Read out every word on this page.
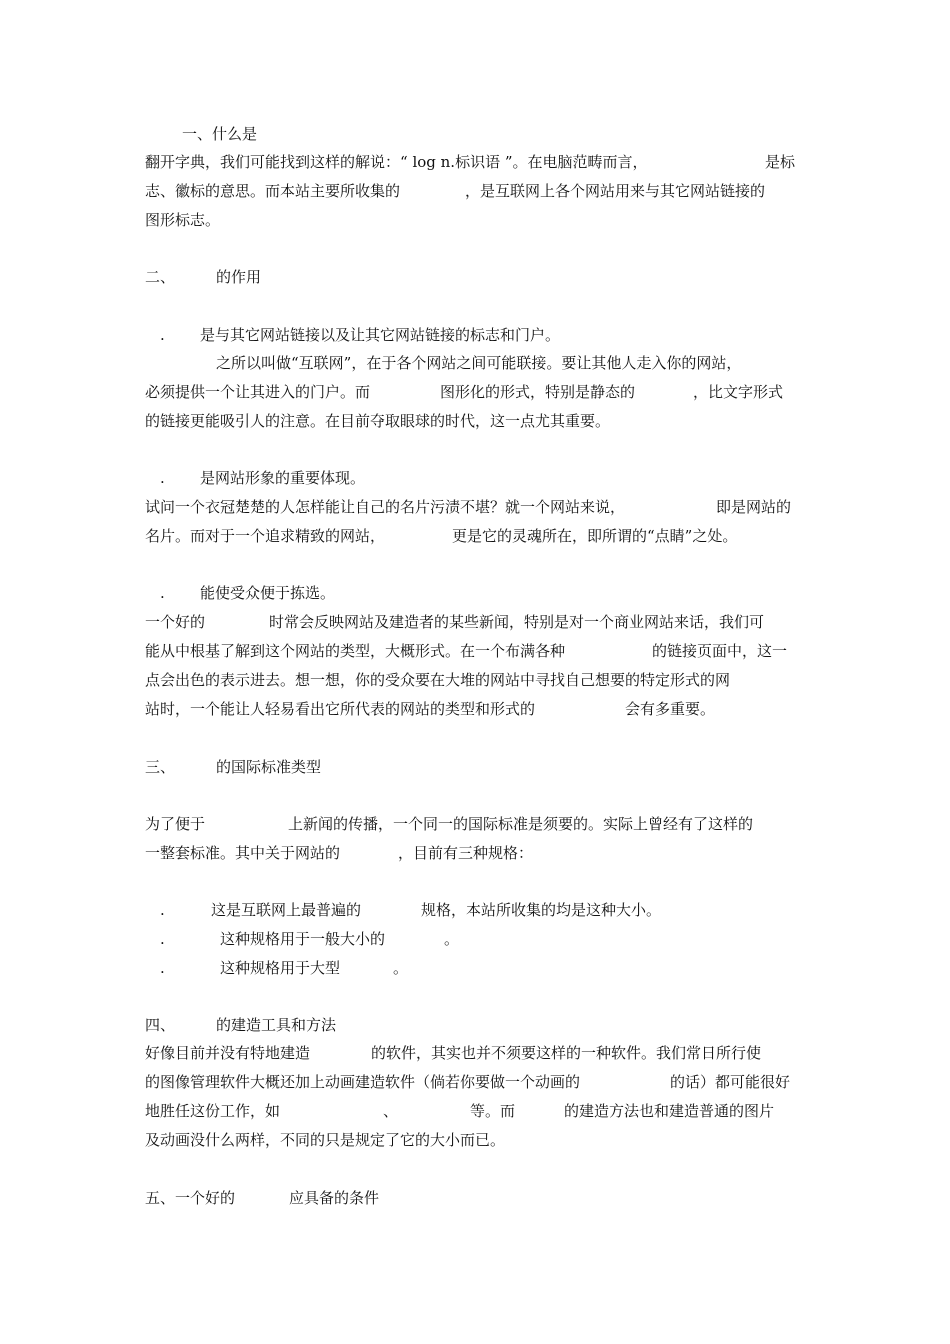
一、什么是
翻开字典，我们可能找到这样的解说：“ log n.标识语 ”。在电脑范畴而言，	是标
志、徽标的意思。而本站主要所收集的	，是互联网上各个网站用来与其它网站链接的
图形标志。
二、	的作用
. 是与其它网站链接以及让其它网站链接的标志和门户。
之所以叫做“互联网”，在于各个网站之间可能联接。要让其他人走入你的网站，
必须提供一个让其进入的门户。而	图形化的形式，特别是静态的	，比文字形式
的链接更能吸引人的注意。在目前夺取眼球的时代，这一点尤其重要。
. 是网站形象的重要体现。
试问一个衣冠楚楚的人怎样能让自己的名片污渍不堪？就一个网站来说，	即是网站的
名片。而对于一个追求精致的网站，	更是它的灵魂所在，即所谓的“点睛”之处。
. 能使受众便于拣选。
一个好的	时常会反映网站及建造者的某些新闻，特别是对一个商业网站来话，我们可
能从中根基了解到这个网站的类型，大概形式。在一个布满各种	的链接页面中，这一
点会出色的表示进去。想一想，你的受众要在大堆的网站中寻找自己想要的特定形式的网
站时，一个能让人轻易看出它所代表的网站的类型和形式的	会有多重要。
三、	的国际标准类型
为了便于	上新闻的传播，一个同一的国际标准是须要的。实际上曾经有了这样的
一整套标准。其中关于网站的	，目前有三种规格：
.	这是互联网上最普遍的	规格，本站所收集的均是这种大小。
.	这种规格用于一般大小的	。
.	这种规格用于大型	。
四、	的建造工具和方法
好像目前并没有特地建造	的软件，其实也并不须要这样的一种软件。我们常日所行使
的图像管理软件大概还加上动画建造软件（倘若你要做一个动画的	的话）都可能很好
地胜任这份工作，如	、	等。而	的建造方法也和建造普通的图片
及动画没什么两样，不同的只是规定了它的大小而已。
五、一个好的	应具备的条件
